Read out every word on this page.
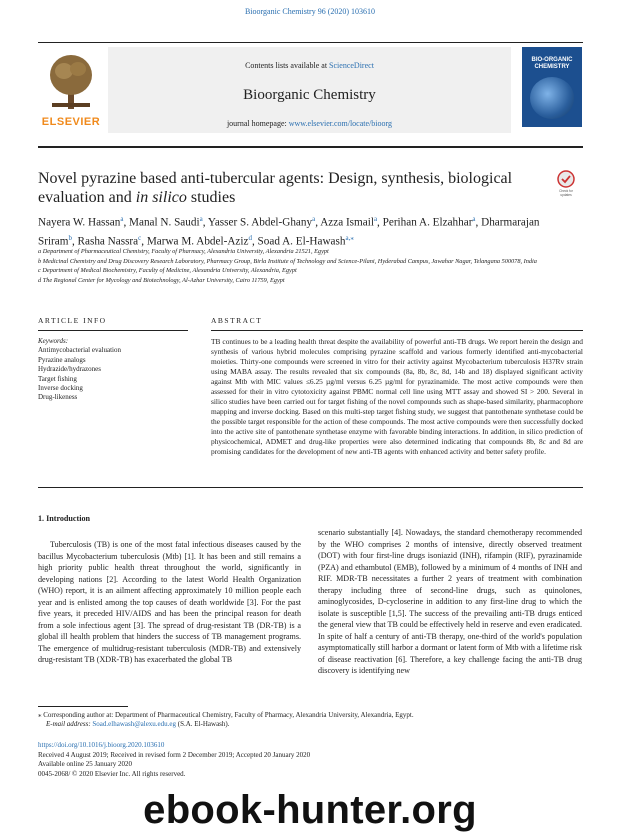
Bioorganic Chemistry 96 (2020) 103610
ELSEVIER
Contents lists available at ScienceDirect
Bioorganic Chemistry
journal homepage: www.elsevier.com/locate/bioorg
BIO-ORGANIC CHEMISTRY
Novel pyrazine based anti-tubercular agents: Design, synthesis, biological evaluation and in silico studies	Check for
updates
Nayera W. Hassan$^a$, Manal N. Saudi$^a$, Yasser S. Abdel-Ghany$^a$, Azza Ismail$^a$, Perihan A. Elzahhar$^a$, Dharmarajan Sriram$^b$, Rasha Nassra$^c$, Marwa M. Abdel-Aziz$^d$, Soad A. El-Hawash$^{a,⁎}$

a Department of Pharmaceutical Chemistry, Faculty of Pharmacy, Alexandria University, Alexandria 21521, Egypt

b Medicinal Chemistry and Drug Discovery Research Laboratory, Pharmacy Group, Birla Institute of Technology and Science-Pilani, Hyderabad Campus, Jawahar Nagar, Telangana 500078, India

c Department of Medical Biochemistry, Faculty of Medicine, Alexandria University, Alexandria, Egypt

d The Regional Center for Mycology and Biotechnology, Al-Azhar University, Cairo 11759, Egypt

ARTICLE INFO	ABSTRACT

Keywords:

Antimycobacterial evaluation

Pyrazine analogs

Hydrazide/hydrazones

Target fishing

Inverse docking

Drug-likeness

TB continues to be a leading health threat despite the availability of powerful anti-TB drugs. We report herein the design and synthesis of various hybrid molecules comprising pyrazine scaffold and various formerly identified anti-mycobacterial moieties. Thirty-one compounds were screened in vitro for their activity against Mycobacterium tuberculosis H37Rv strain using MABA assay. The results revealed that six compounds (8a, 8b, 8c, 8d, 14b and 18) displayed significant activity against Mtb with MIC values ≤6.25 µg/ml versus 6.25 µg/ml for pyrazinamide. The most active compounds were then assessed for their in vitro cytotoxicity against PBMC normal cell line using MTT assay and showed SI > 200. Several in silico studies have been carried out for target fishing of the novel compounds such as shape-based similarity, pharmacophore mapping and inverse docking. Based on this multi-step target fishing study, we suggest that pantothenate synthetase could be the possible target responsible for the action of these compounds. The most active compounds were then successfully docked into the active site of pantothenate synthetase enzyme with favorable binding interactions. In addition, in silico prediction of physicochemical, ADMET and drug-like properties were also determined indicating that compounds 8b, 8c and 8d are promising candidates for the development of new anti-TB agents with enhanced activity and better safety profile.
1. Introduction
Tuberculosis (TB) is one of the most fatal infectious diseases caused by the bacillus Mycobacterium tuberculosis (Mtb) [1]. It has been and still remains a high priority public health threat throughout the world, significantly in developing nations [2]. According to the latest World Health Organization (WHO) report, it is an ailment affecting approximately 10 million people each year and is enlisted among the top causes of death worldwide [3]. For the past five years, it preceded HIV/AIDS and has been the principal reason for death from a sole infectious agent [3]. The spread of drug-resistant TB (DR-TB) is a global ill health problem that hinders the success of TB management programs. The emergence of multidrug-resistant tuberculosis (MDR-TB) and extensively drug-resistant TB (XDR-TB) has exacerbated the global TB
scenario substantially [4]. Nowadays, the standard chemotherapy recommended by the WHO comprises 2 months of intensive, directly observed treatment (DOT) with four first-line drugs isoniazid (INH), rifampin (RIF), pyrazinamide (PZA) and ethambutol (EMB), followed by a minimum of 4 months of INH and RIF. MDR-TB necessitates a further 2 years of treatment with combination therapy including three of second-line drugs, such as quinolones, aminoglycosides, D-cycloserine in addition to any first-line drug to which the isolate is susceptible [1,5]. The success of the prevailing anti-TB drugs enticed the general view that TB could be effectively held in reserve and even eradicated. In spite of half a century of anti-TB therapy, one-third of the world's population asymptomatically still harbor a dormant or latent form of Mtb with a lifetime risk of disease reactivation [6]. Therefore, a key challenge facing the anti-TB drug discovery is identifying new

⁎ Corresponding author at: Department of Pharmaceutical Chemistry, Faculty of Pharmacy, Alexandria University, Alexandria, Egypt.

E-mail address: Soad.elhawash@alexu.edu.eg (S.A. El-Hawash).

https://doi.org/10.1016/j.bioorg.2020.103610

Received 4 August 2019; Received in revised form 2 December 2019; Accepted 20 January 2020

Available online 25 January 2020

0045-2068/ © 2020 Elsevier Inc. All rights reserved.

ebook-hunter.org
